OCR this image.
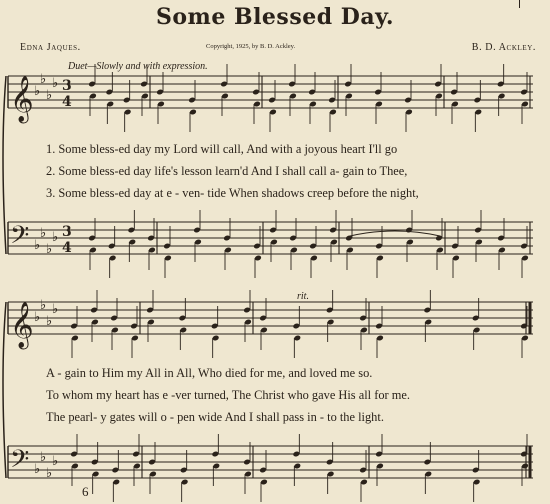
Some Blessed Day.
Edna Jaques.	Copyright, 1925, by B. D. Ackley.	B. D. Ackley.
Duet—Slowly and with expression.
rit.
1. Some bless-ed day my Lord will call, And with a joyous heart I'll go
2. Some bless-ed day life's lesson learn'd And I shall call a- gain to Thee,
3. Some bless-ed day at e - ven- tide When shadows creep before the night,
A - gain to Him my All in All, Who died for me, and loved me so.
To whom my heart has e -ver turned, The Christ who gave His all for me.
The pearl- y gates will o - pen wide And I shall pass in - to the light.
6
𝄞 ♭
♭
♭
♭ 3
4
𝄢 ♭
♭
♭
♭ 3
4
𝄞 ♭
♭
♭
♭
𝄢 ♭
♭
♭
♭
